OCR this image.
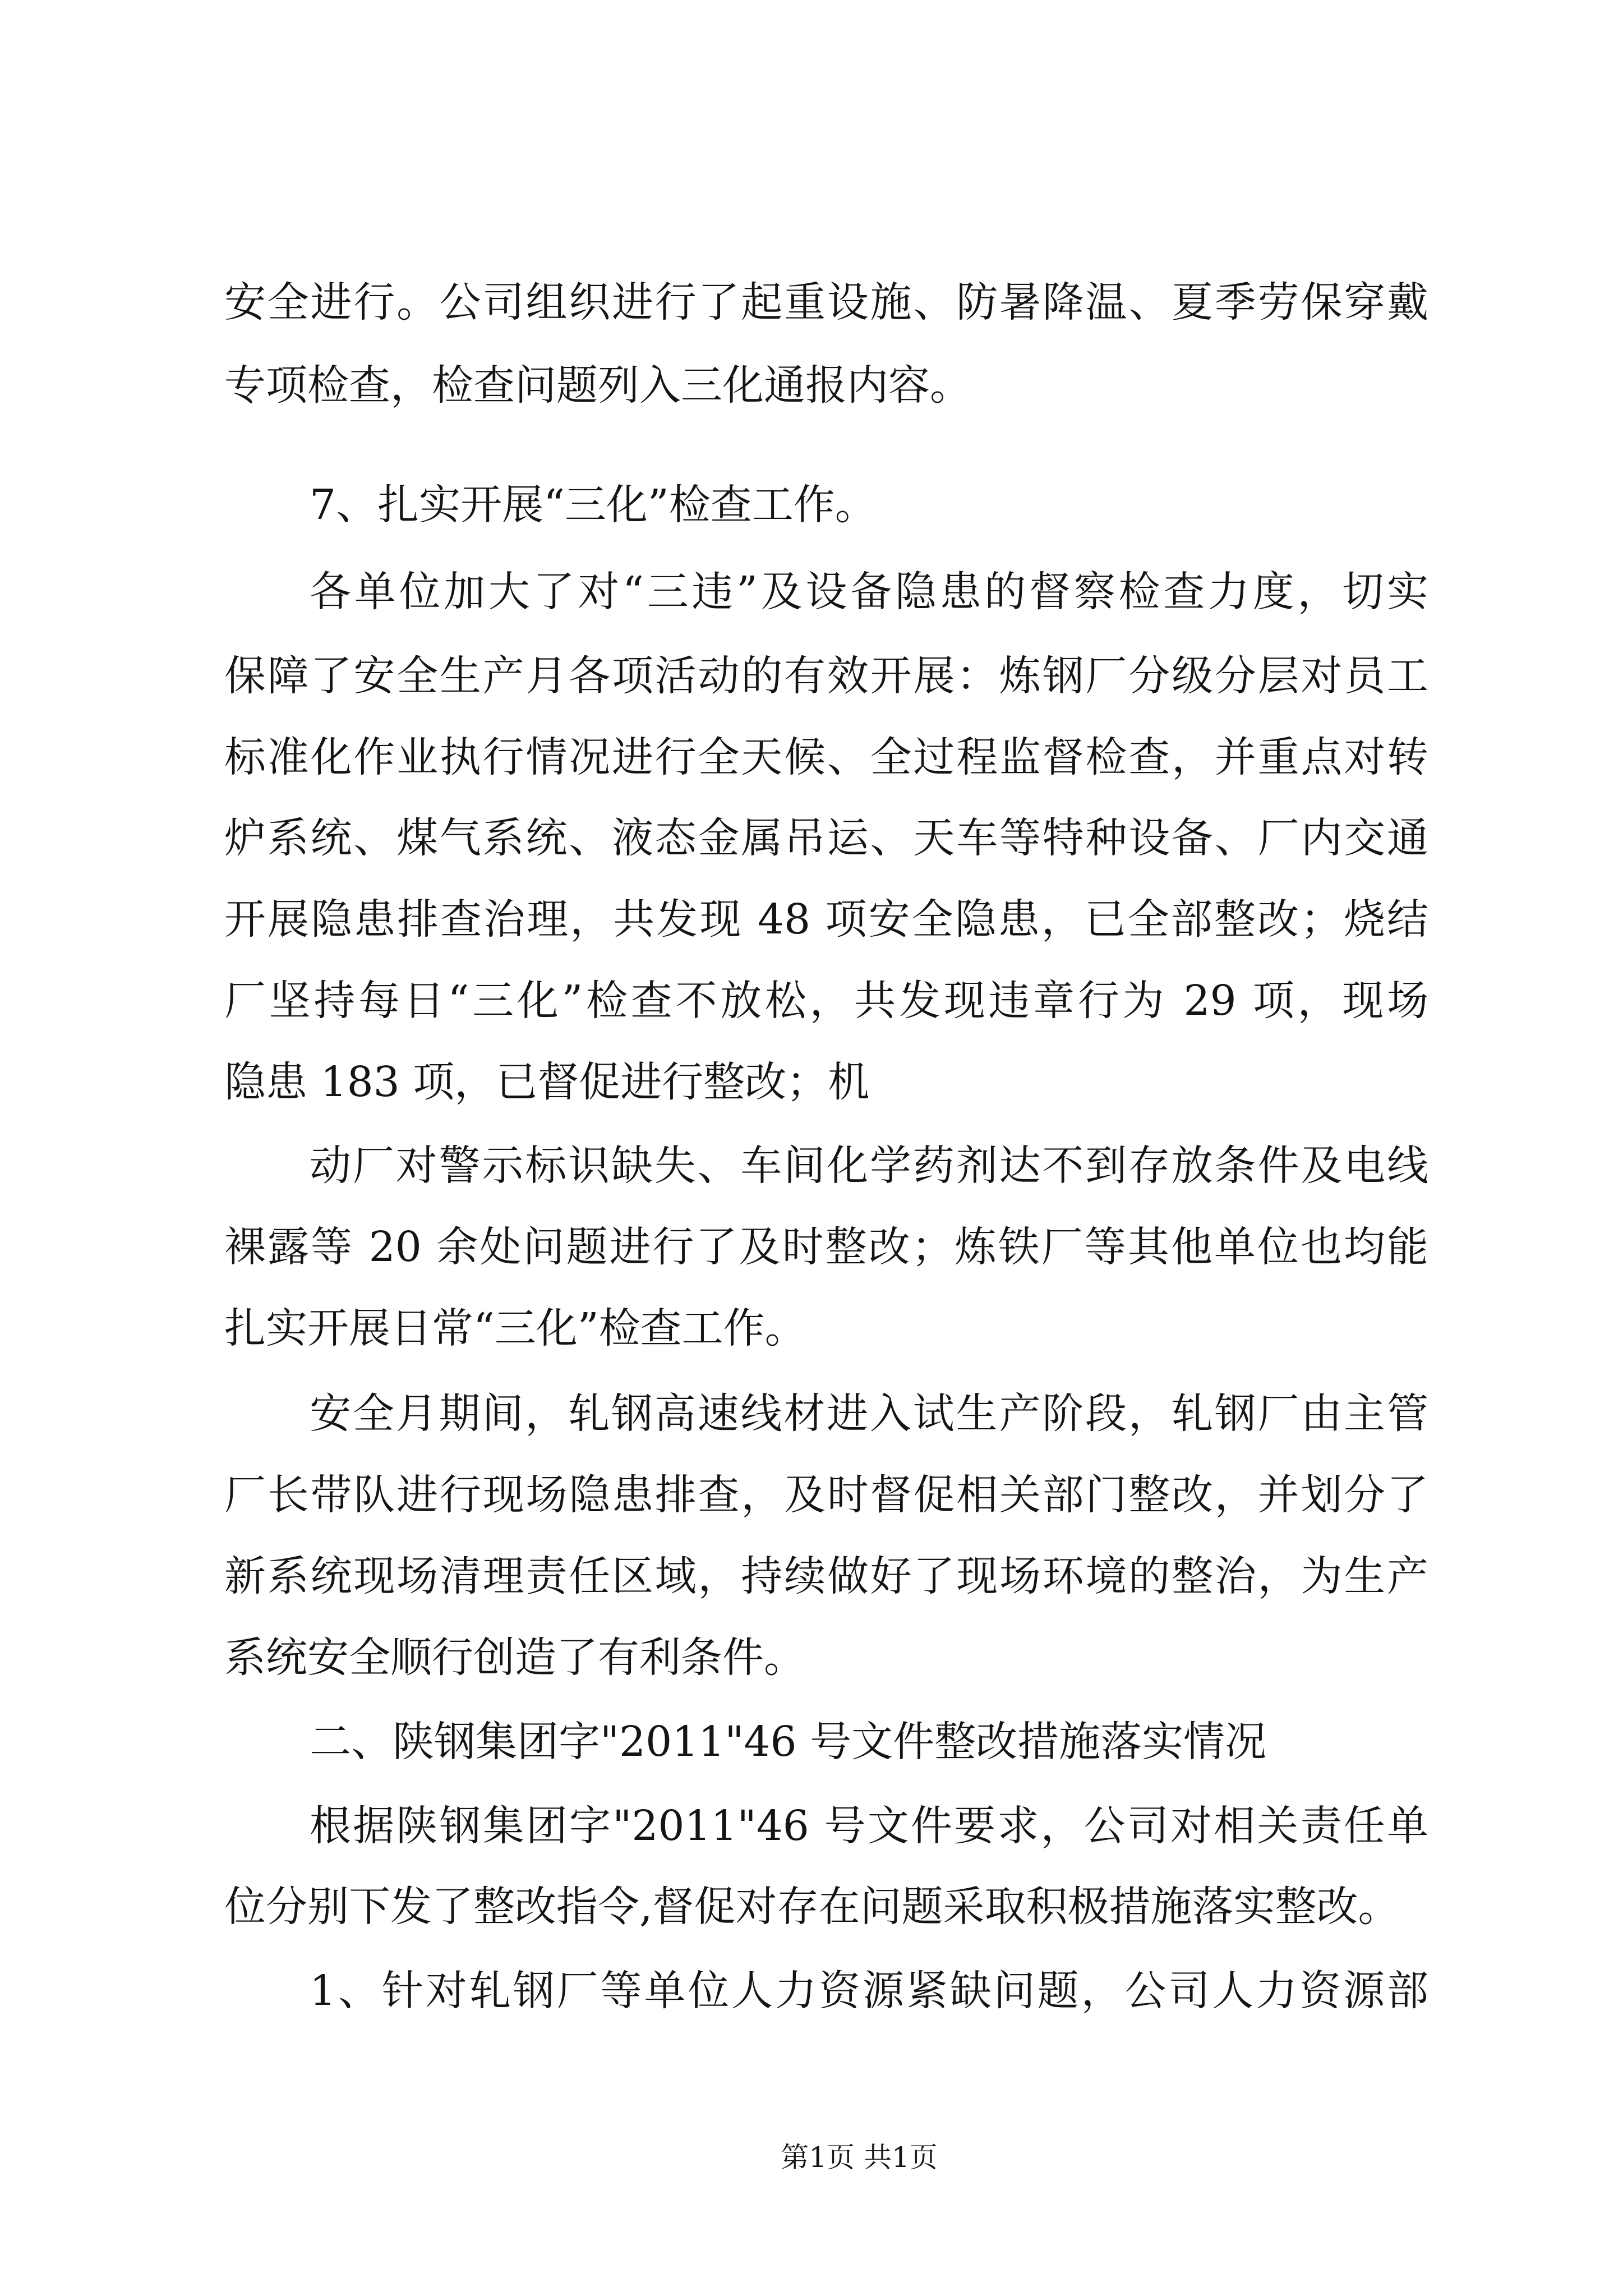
安全进行。公司组织进行了起重设施、防暑降温、夏季劳保穿戴
专项检查，检查问题列入三化通报内容。
7、扎实开展“三化”检查工作。
各单位加大了对“三违”及设备隐患的督察检查力度，切实
保障了安全生产月各项活动的有效开展：炼钢厂分级分层对员工
标准化作业执行情况进行全天候、全过程监督检查，并重点对转
炉系统、煤气系统、液态金属吊运、天车等特种设备、厂内交通
开展隐患排查治理，共发现 48 项安全隐患，已全部整改；烧结
厂坚持每日“三化”检查不放松，共发现违章行为 29 项，现场
隐患 183 项，已督促进行整改；机
动厂对警示标识缺失、车间化学药剂达不到存放条件及电线
裸露等 20 余处问题进行了及时整改；炼铁厂等其他单位也均能
扎实开展日常“三化”检查工作。
安全月期间，轧钢高速线材进入试生产阶段，轧钢厂由主管
厂长带队进行现场隐患排查，及时督促相关部门整改，并划分了
新系统现场清理责任区域，持续做好了现场环境的整治，为生产
系统安全顺行创造了有利条件。
二、陕钢集团字"2011"46 号文件整改措施落实情况
根据陕钢集团字"2011"46 号文件要求，公司对相关责任单
位分别下发了整改指令,督促对存在问题采取积极措施落实整改。
1、针对轧钢厂等单位人力资源紧缺问题，公司人力资源部
第1页 共1页
